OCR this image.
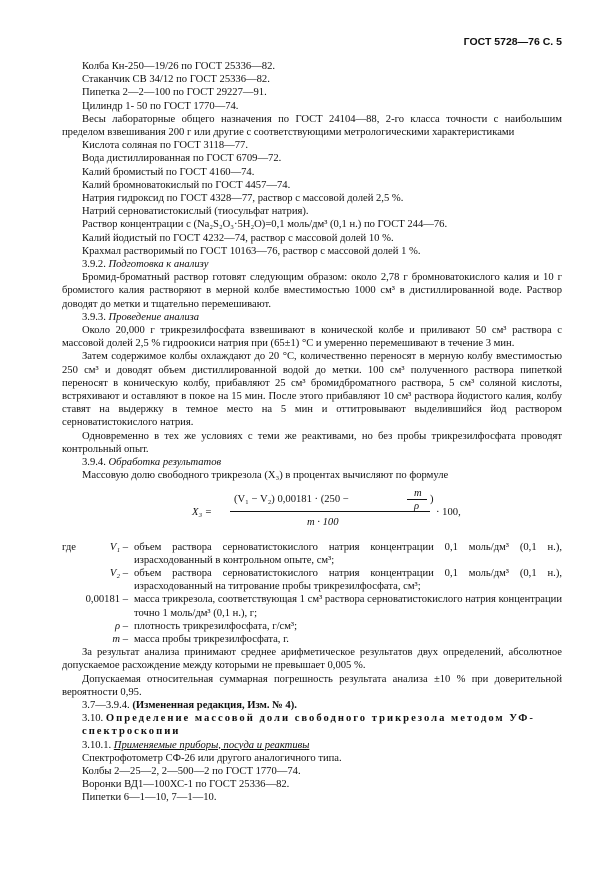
ГОСТ 5728—76 С. 5
Колба Кн-250—19/26 по ГОСТ 25336—82.
Стаканчик СВ 34/12 по ГОСТ 25336—82.
Пипетка 2—2—100 по ГОСТ 29227—91.
Цилиндр 1- 50 по ГОСТ 1770—74.
Весы лабораторные общего назначения по ГОСТ 24104—88, 2-го класса точности с наибольшим пределом взвешивания 200 г или другие с соответствующими метрологическими характеристиками
Кислота соляная по ГОСТ 3118—77.
Вода дистиллированная по ГОСТ 6709—72.
Калий бромистый по ГОСТ 4160—74.
Калий бромноватокислый по ГОСТ 4457—74.
Натрия гидроксид по ГОСТ 4328—77, раствор с массовой долей 2,5 %.
Натрий серноватистокислый (тиосульфат натрия).
Раствор концентрации c (Na₂S₂O₃·5H₂O)=0,1 моль/дм³ (0,1 н.) по ГОСТ 244—76.
Калий йодистый по ГОСТ 4232—74, раствор с массовой долей 10 %.
Крахмал растворимый по ГОСТ 10163—76, раствор с массовой долей 1 %.
3.9.2. Подготовка к анализу
Бромид-броматный раствор готовят следующим образом: около 2,78 г бромноватокислого калия и 10 г бромистого калия растворяют в мерной колбе вместимостью 1000 см³ в дистиллированной воде. Раствор доводят до метки и тщательно перемешивают.
3.9.3. Проведение анализа
Около 20,000 г трикрезилфосфата взвешивают в конической колбе и приливают 50 см³ раствора с массовой долей 2,5 % гидроокиси натрия при (65±1) °С и умеренно перемешивают в течение 3 мин.
Затем содержимое колбы охлаждают до 20 °С, количественно переносят в мерную колбу вместимостью 250 см³ и доводят объем дистиллированной водой до метки. 100 см³ полученного раствора пипеткой переносят в коническую колбу, прибавляют 25 см³ бромидброматного раствора, 5 см³ соляной кислоты, встряхивают и оставляют в покое на 15 мин. После этого прибавляют 10 см³ раствора йодистого калия, колбу ставят на выдержку в темное место на 5 мин и оттитровывают выделившийся йод раствором серноватистокислого натрия.
Одновременно в тех же условиях с теми же реактивами, но без пробы трикрезилфосфата проводят контрольный опыт.
3.9.4. Обработка результатов
Массовую долю свободного трикрезола (X₃) в процентах вычисляют по формуле
X₃ =
(V₁ − V₂) 0,00181 · (250 −
m
ρ
)
m · 100
· 100,
где	V₁ – объем раствора серноватистокислого натрия концентрации 0,1 моль/дм³ (0,1 н.), израсходованный в контрольном опыте, см³;
V₂ – объем раствора серноватистокислого натрия концентрации 0,1 моль/дм³ (0,1 н.), израсходованный на титрование пробы трикрезилфосфата, см³;
0,00181 – масса трикрезола, соответствующая 1 см³ раствора серноватистокислого натрия концентрации точно 1 моль/дм³ (0,1 н.), г;
ρ – плотность трикрезилфосфата, г/см³;
m – масса пробы трикрезилфосфата, г.
За результат анализа принимают среднее арифметическое результатов двух определений, абсолютное допускаемое расхождение между которыми не превышает 0,005 %.
Допускаемая относительная суммарная погрешность результата анализа ±10 % при доверительной вероятности 0,95.
3.7—3.9.4. (Измененная редакция, Изм. № 4).
3.10. Определение массовой доли свободного трикрезола методом УФ-спектроскопии
3.10.1. Применяемые приборы, посуда и реактивы
Спектрофотометр СФ-26 или другого аналогичного типа.
Колбы 2—25—2, 2—500—2 по ГОСТ 1770—74.
Воронки ВД1—100ХС-1 по ГОСТ 25336—82.
Пипетки 6—1—10, 7—1—10.
